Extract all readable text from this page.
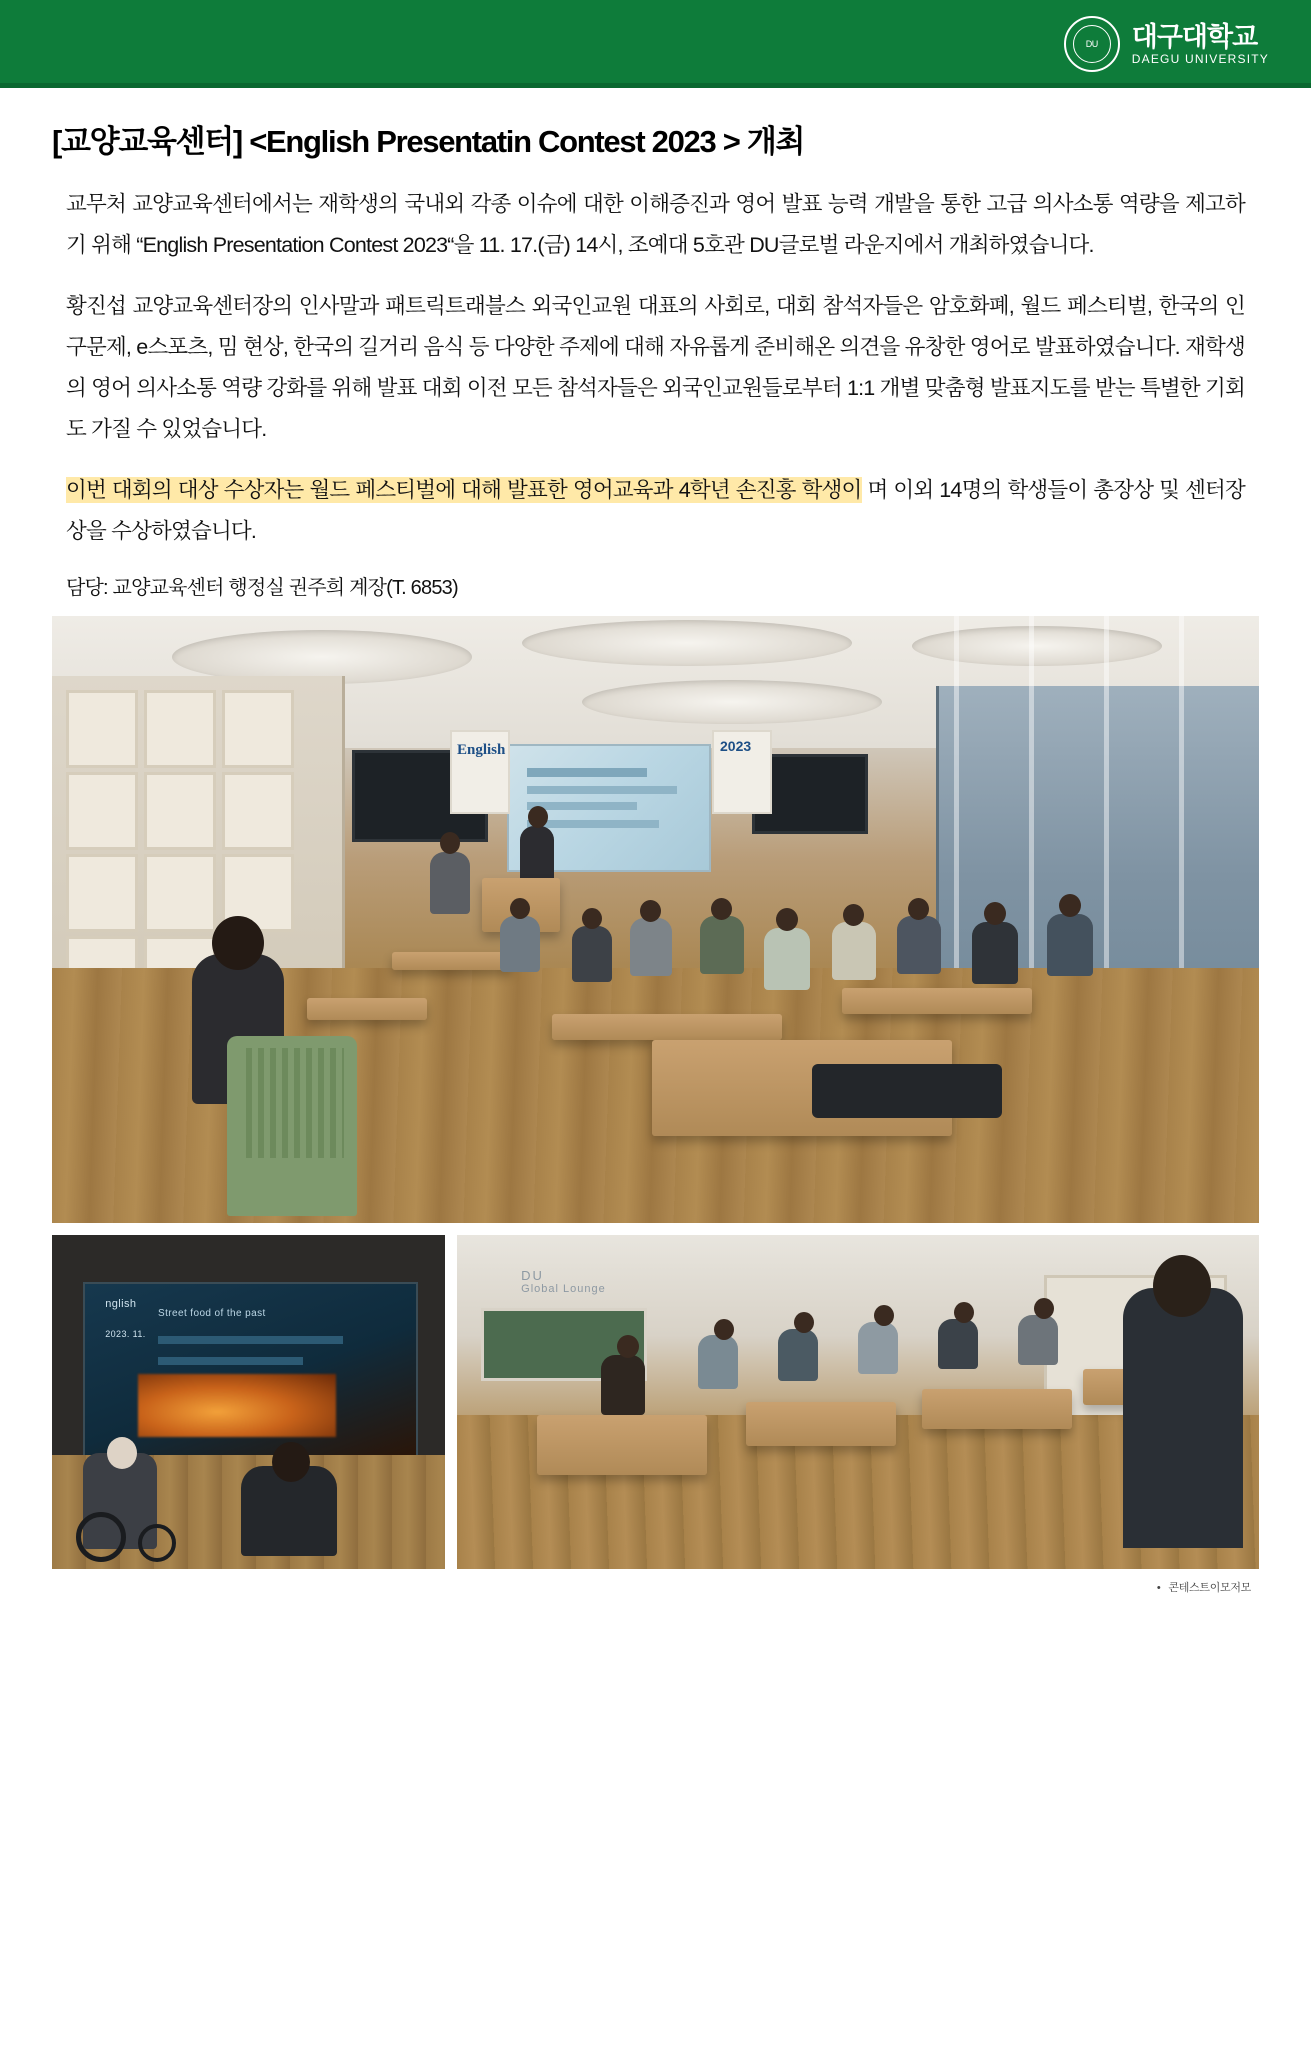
DU	대구대학교
DAEGU UNIVERSITY
[교양교육센터] <English Presentatin Contest 2023 > 개최

교무처 교양교육센터에서는 재학생의 국내외 각종 이슈에 대한 이해증진과 영어 발표 능력 개발을 통한 고급 의사소통 역량을 제고하기 위해 “English Presentation Contest 2023“을 11. 17.(금) 14시, 조예대 5호관 DU글로벌 라운지에서 개최하였습니다.

황진섭 교양교육센터장의 인사말과 패트릭트래블스 외국인교원 대표의 사회로, 대회 참석자들은 암호화폐, 월드 페스티벌, 한국의 인구문제, e스포츠, 밈 현상, 한국의 길거리 음식 등 다양한 주제에 대해 자유롭게 준비해온 의견을 유창한 영어로 발표하였습니다. 재학생의 영어 의사소통 역량 강화를 위해 발표 대회 이전 모든 참석자들은 외국인교원들로부터 1:1 개별 맞춤형 발표지도를 받는 특별한 기회도 가질 수 있었습니다.

이번 대회의 대상 수상자는 월드 페스티벌에 대해 발표한 영어교육과 4학년 손진홍 학생이 며 이외 14명의 학생들이 총장상 및 센터장상을 수상하였습니다.

담당: 교양교육센터 행정실 권주희 계장(T. 6853)

English	2023
nglish
2023. 11.
Street food of the past
DU
Global Lounge
• 콘테스트이모저모
